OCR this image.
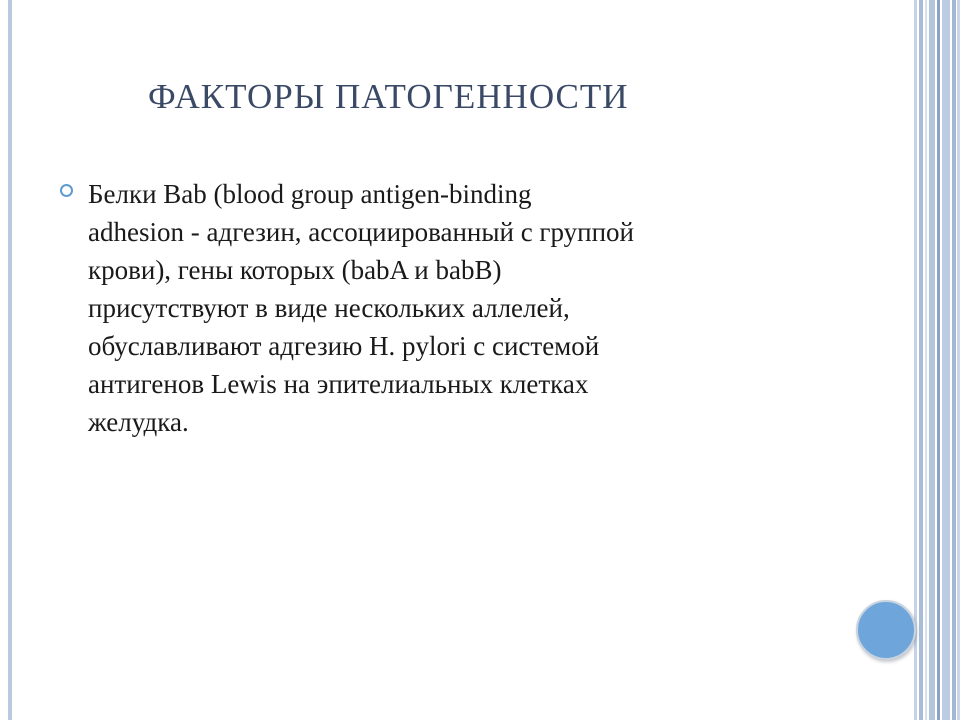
ФАКТОРЫ ПАТОГЕННОСТИ
Белки Bab (blood group antigen-binding
adhesion - адгезин, ассоциированный с группой
крови), гены которых (babA и babB)
присутствуют в виде нескольких аллелей,
обуславливают адгезию H. pylori с системой
антигенов Lewis на эпителиальных клетках
желудка.
